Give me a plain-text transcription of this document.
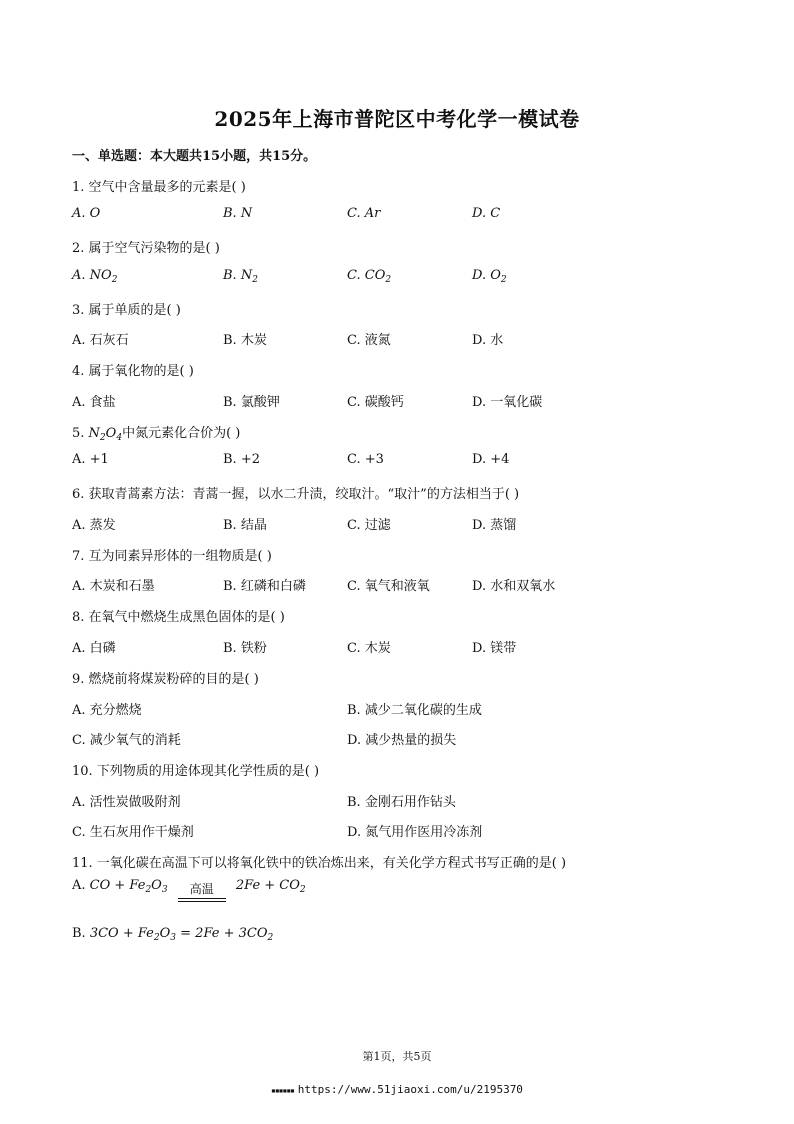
2025年上海市普陀区中考化学一模试卷
一、单选题：本大题共15小题，共15分。
1. 空气中含量最多的元素是( )
A. O	B. N	C. Ar	D. C
2. 属于空气污染物的是( )
A. $NO_2$	B. $N_2$	C. $CO_2$	D. $O_2$
3. 属于单质的是( )
A. 石灰石	B. 木炭	C. 液氮	D. 水
4. 属于氧化物的是( )
A. 食盐	B. 氯酸钾	C. 碳酸钙	D. 一氧化碳
5. $N_2O_4$中氮元素化合价为( )
A. +1	B. +2	C. +3	D. +4
6. 获取青蒿素方法：青蒿一握，以水二升渍，绞取汁。“取汁”的方法相当于( )
A. 蒸发	B. 结晶	C. 过滤	D. 蒸馏
7. 互为同素异形体的一组物质是( )
A. 木炭和石墨	B. 红磷和白磷	C. 氧气和液氧	D. 水和双氧水
8. 在氧气中燃烧生成黑色固体的是( )
A. 白磷	B. 铁粉	C. 木炭	D. 镁带
9. 燃烧前将煤炭粉碎的目的是( )
A. 充分燃烧	B. 减少二氧化碳的生成
C. 减少氧气的消耗	D. 减少热量的损失
10. 下列物质的用途体现其化学性质的是( )
A. 活性炭做吸附剂	B. 金刚石用作钻头
C. 生石灰用作干燥剂	D. 氮气用作医用冷冻剂
11. 一氧化碳在高温下可以将氧化铁中的铁冶炼出来，有关化学方程式书写正确的是( )
A. CO + $Fe_2O_3$	高温	$2Fe + CO_2$
B. $3CO + Fe_2O_3 = 2Fe + 3CO_2$
第1页，共5页
▪▪▪▪▪▪ https://www.51jiaoxi.com/u/2195370
